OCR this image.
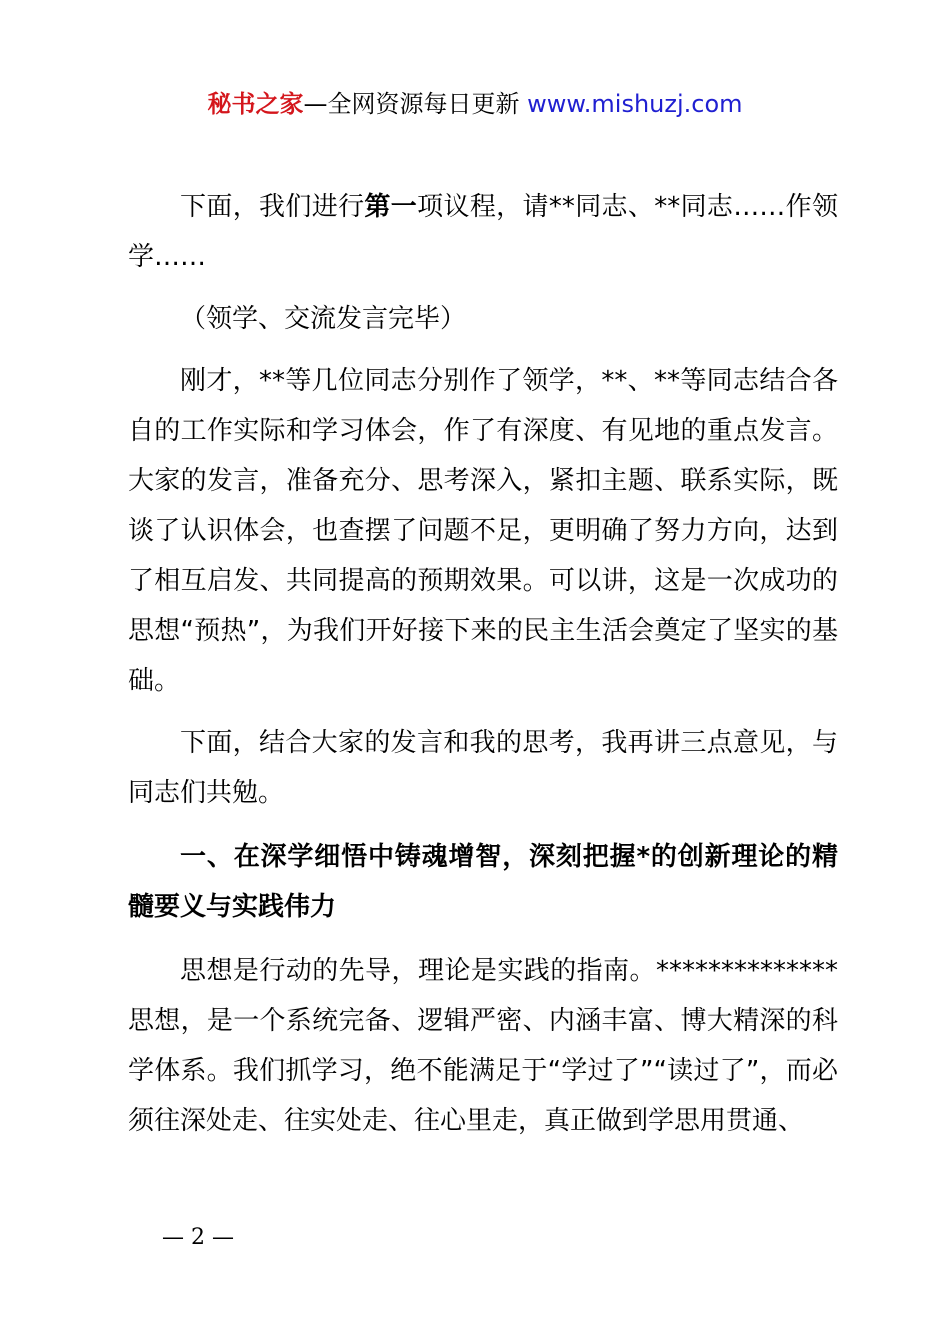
秘书之家—全网资源每日更新 www.mishuzj.com

下面，我们进行第一项议程，请**同志、**同志……作领学……

（领学、交流发言完毕）

刚才，**等几位同志分别作了领学，**、**等同志结合各自的工作实际和学习体会，作了有深度、有见地的重点发言。大家的发言，准备充分、思考深入，紧扣主题、联系实际，既谈了认识体会，也查摆了问题不足，更明确了努力方向，达到了相互启发、共同提高的预期效果。可以讲，这是一次成功的思想“预热”，为我们开好接下来的民主生活会奠定了坚实的基础。

下面，结合大家的发言和我的思考，我再讲三点意见，与同志们共勉。

一、在深学细悟中铸魂增智，深刻把握*的创新理论的精髓要义与实践伟力

思想是行动的先导，理论是实践的指南。**************思想，是一个系统完备、逻辑严密、内涵丰富、博大精深的科学体系。我们抓学习，绝不能满足于“学过了”“读过了”，而必须往深处走、往实处走、往心里走，真正做到学思用贯通、

— 2 —
